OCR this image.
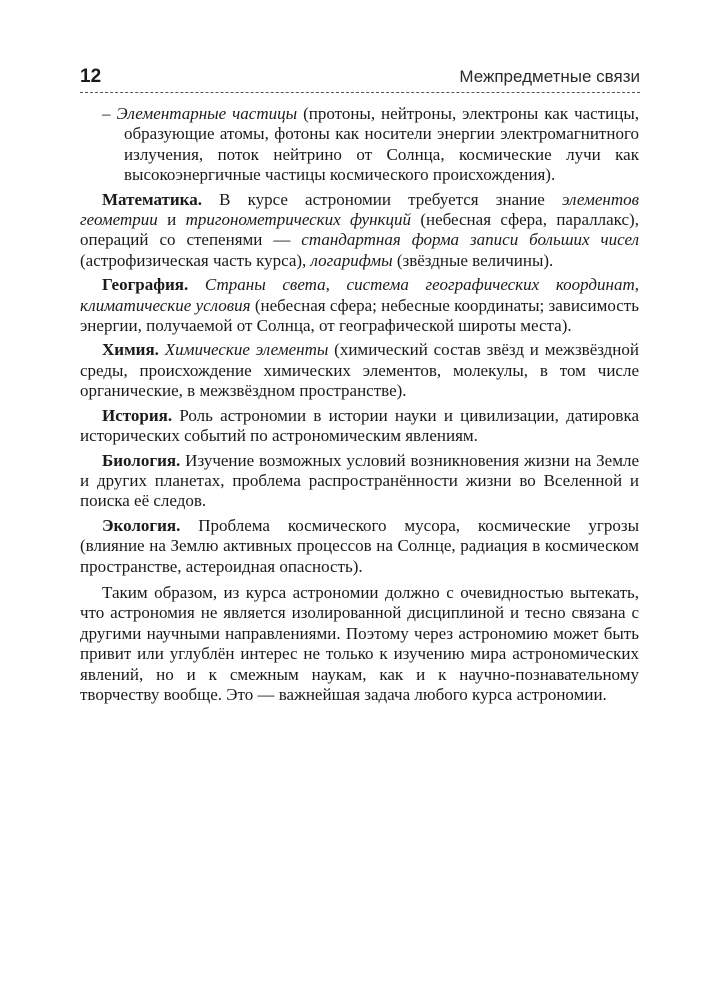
12	Межпредметные связи

– Элементарные частицы (протоны, нейтроны, электроны как частицы, образующие атомы, фотоны как носители энергии электромагнитного излучения, поток нейтрино от Солнца, космические лучи как высокоэнергичные частицы космического происхождения).

Математика. В курсе астрономии требуется знание элементов геометрии и тригонометрических функций (небесная сфера, параллакс), операций со степенями — стандартная форма записи больших чисел (астрофизическая часть курса), логарифмы (звёздные величины).

География. Страны света, система географических координат, климатические условия (небесная сфера; небесные координаты; зависимость энергии, получаемой от Солнца, от географической широты места).

Химия. Химические элементы (химический состав звёзд и межзвёздной среды, происхождение химических элементов, молекулы, в том числе органические, в межзвёздном пространстве).

История. Роль астрономии в истории науки и цивилизации, датировка исторических событий по астрономическим явлениям.

Биология. Изучение возможных условий возникновения жизни на Земле и других планетах, проблема распространённости жизни во Вселенной и поиска её следов.

Экология. Проблема космического мусора, космические угрозы (влияние на Землю активных процессов на Солнце, радиация в космическом пространстве, астероидная опасность).

Таким образом, из курса астрономии должно с очевидностью вытекать, что астрономия не является изолированной дисциплиной и тесно связана с другими научными направлениями. Поэтому через астрономию может быть привит или углублён интерес не только к изучению мира астрономических явлений, но и к смежным наукам, как и к научно-познавательному творчеству вообще. Это — важнейшая задача любого курса астрономии.
